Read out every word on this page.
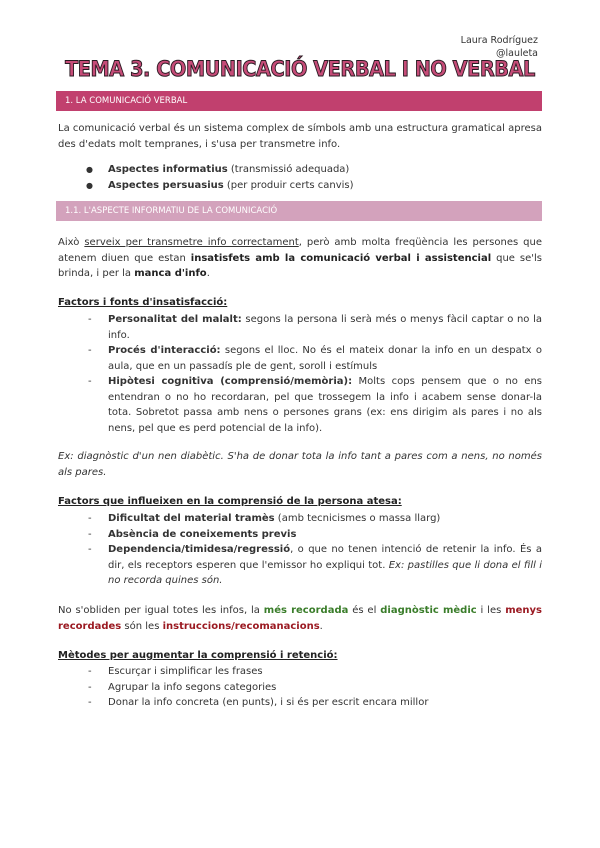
Laura Rodríguez
@lauleta
TEMA 3. COMUNICACIÓ VERBAL I NO VERBAL
1. LA COMUNICACIÓ VERBAL
La comunicació verbal és un sistema complex de símbols amb una estructura gramatical apresa des d'edats molt tempranes, i s'usa per transmetre info.
● Aspectes informatius (transmissió adequada)
● Aspectes persuasius (per produir certs canvis)
1.1. L'ASPECTE INFORMATIU DE LA COMUNICACIÓ
Això serveix per transmetre info correctament, però amb molta freqüència les persones que atenem diuen que estan insatisfets amb la comunicació verbal i assistencial que se'ls brinda, i per la manca d'info.
Factors i fonts d'insatisfacció:
- Personalitat del malalt: segons la persona li serà més o menys fàcil captar o no la info.
- Procés d'interacció: segons el lloc. No és el mateix donar la info en un despatx o aula, que en un passadís ple de gent, soroll i estímuls
- Hipòtesi cognitiva (comprensió/memòria): Molts cops pensem que o no ens entendran o no ho recordaran, pel que trossegem la info i acabem sense donar-la tota. Sobretot passa amb nens o persones grans (ex: ens dirigim als pares i no als nens, pel que es perd potencial de la info).
Ex: diagnòstic d'un nen diabètic. S'ha de donar tota la info tant a pares com a nens, no només als pares.
Factors que influeixen en la comprensió de la persona atesa:
- Dificultat del material tramès (amb tecnicismes o massa llarg)
- Absència de coneixements previs
- Dependencia/timidesa/regressió, o que no tenen intenció de retenir la info. És a dir, els receptors esperen que l'emissor ho expliqui tot. Ex: pastilles que li dona el fill i no recorda quines són.
No s'obliden per igual totes les infos, la més recordada és el diagnòstic mèdic i les menys recordades són les instruccions/recomanacions.
Mètodes per augmentar la comprensió i retenció:
- Escurçar i simplificar les frases
- Agrupar la info segons categories
- Donar la info concreta (en punts), i si és per escrit encara millor
